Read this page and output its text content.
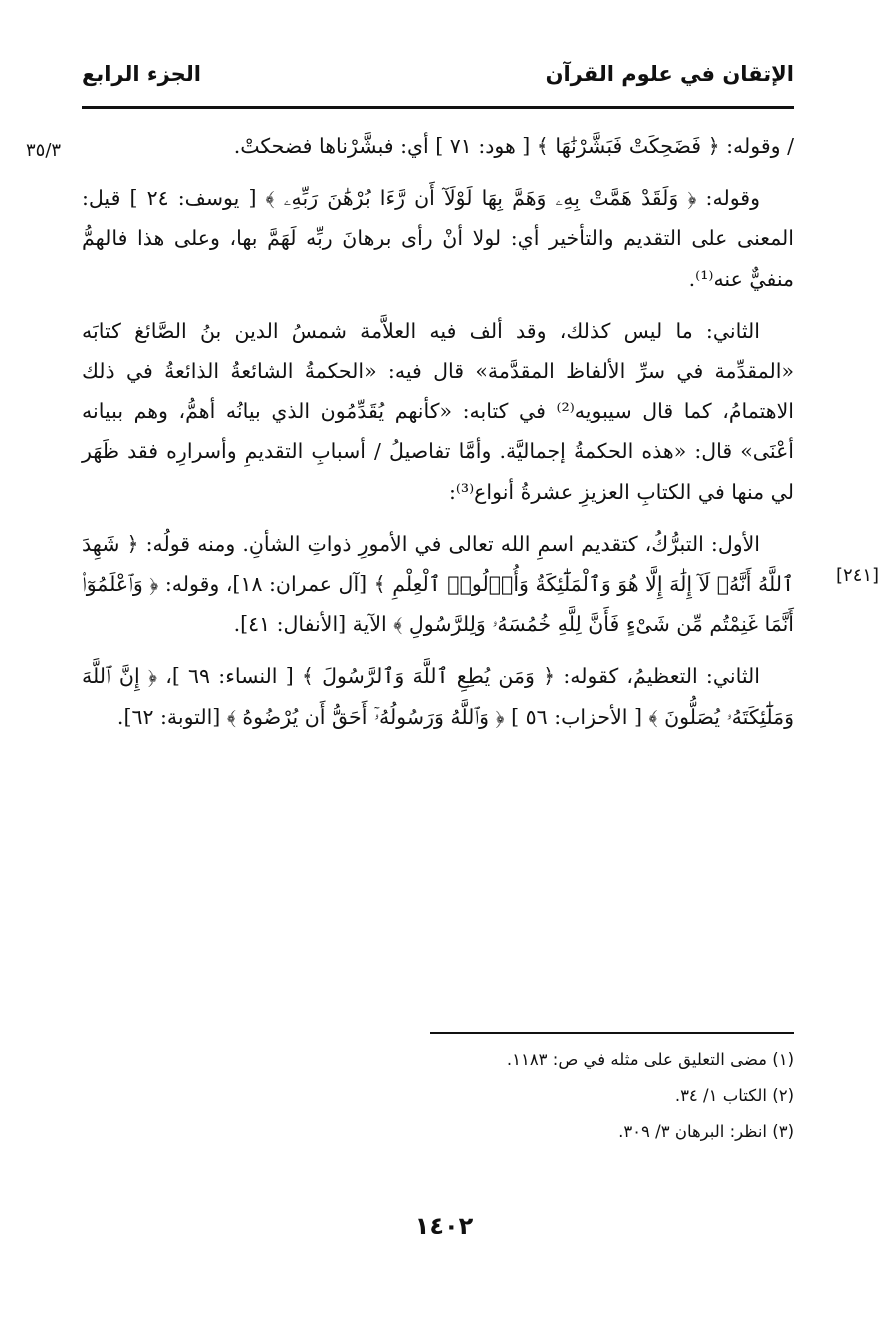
الإتقان في علوم القرآن
الجزء الرابع
٣٥/٣
[٢٤١]

/ وقوله: ﴿ فَضَحِكَتْ فَبَشَّرْنَٰهَا ﴾ [ هود: ٧١ ] أي: فبشَّرْناها فضحكتْ.

وقوله: ﴿ وَلَقَدْ هَمَّتْ بِهِۦ وَهَمَّ بِهَا لَوْلَآ أَن رَّءَا بُرْهَٰنَ رَبِّهِۦ ﴾ [ يوسف: ٢٤ ] قيل: المعنى على التقديم والتأخير أي: لولا أنْ رأى برهانَ ربِّه لَهَمَّ بها، وعلى هذا فالهمُّ منفيٌّ عنه⁽¹⁾.

الثاني: ما ليس كذلك، وقد ألف فيه العلاَّمة شمسُ الدين بنُ الصَّائغ كتابَه «المقدِّمة في سرِّ الألفاظ المقدَّمة» قال فيه: «الحكمةُ الشائعةُ الذائعةُ في ذلك الاهتمامُ، كما قال سيبويه⁽²⁾ في كتابه: «كأنهم يُقَدِّمُون الذي بيانُه أهمُّ، وهم ببيانه أعْنَى» قال: «هذه الحكمةُ إجماليَّة. وأمَّا تفاصيلُ / أسبابِ التقديمِ وأسرارِه فقد ظَهَر لي منها في الكتابِ العزيزِ عشرةُ أنواع⁽³⁾:

الأول: التبرُّكُ، كتقديم اسمِ الله تعالى في الأمورِ ذواتِ الشأنِ. ومنه قولُه: ﴿ شَهِدَ ٱللَّهُ أَنَّهُۥ لَآ إِلَٰهَ إِلَّا هُوَ وَٱلْمَلَٰٓئِكَةُ وَأُو۟لُوا۟ ٱلْعِلْمِ ﴾ [آل عمران: ١٨]، وقوله: ﴿ وَٱعْلَمُوٓا۟ أَنَّمَا غَنِمْتُم مِّن شَىْءٍ فَأَنَّ لِلَّهِ خُمُسَهُۥ وَلِلرَّسُولِ ﴾ الآية [الأنفال: ٤١].

الثاني: التعظيمُ، كقوله: ﴿ وَمَن يُطِعِ ٱللَّهَ وَٱلرَّسُولَ ﴾ [ النساء: ٦٩ ]، ﴿ إِنَّ ٱللَّهَ وَمَلَٰٓئِكَتَهُۥ يُصَلُّونَ ﴾ [ الأحزاب: ٥٦ ] ﴿ وَٱللَّهُ وَرَسُولُهُۥٓ أَحَقُّ أَن يُرْضُوهُ ﴾ [التوبة: ٦٢].

(١) مضى التعليق على مثله في ص: ١١٨٣.
(٢) الكتاب ١/ ٣٤.
(٣) انظر: البرهان ٣/ ٣٠٩.
١٤٠٢
